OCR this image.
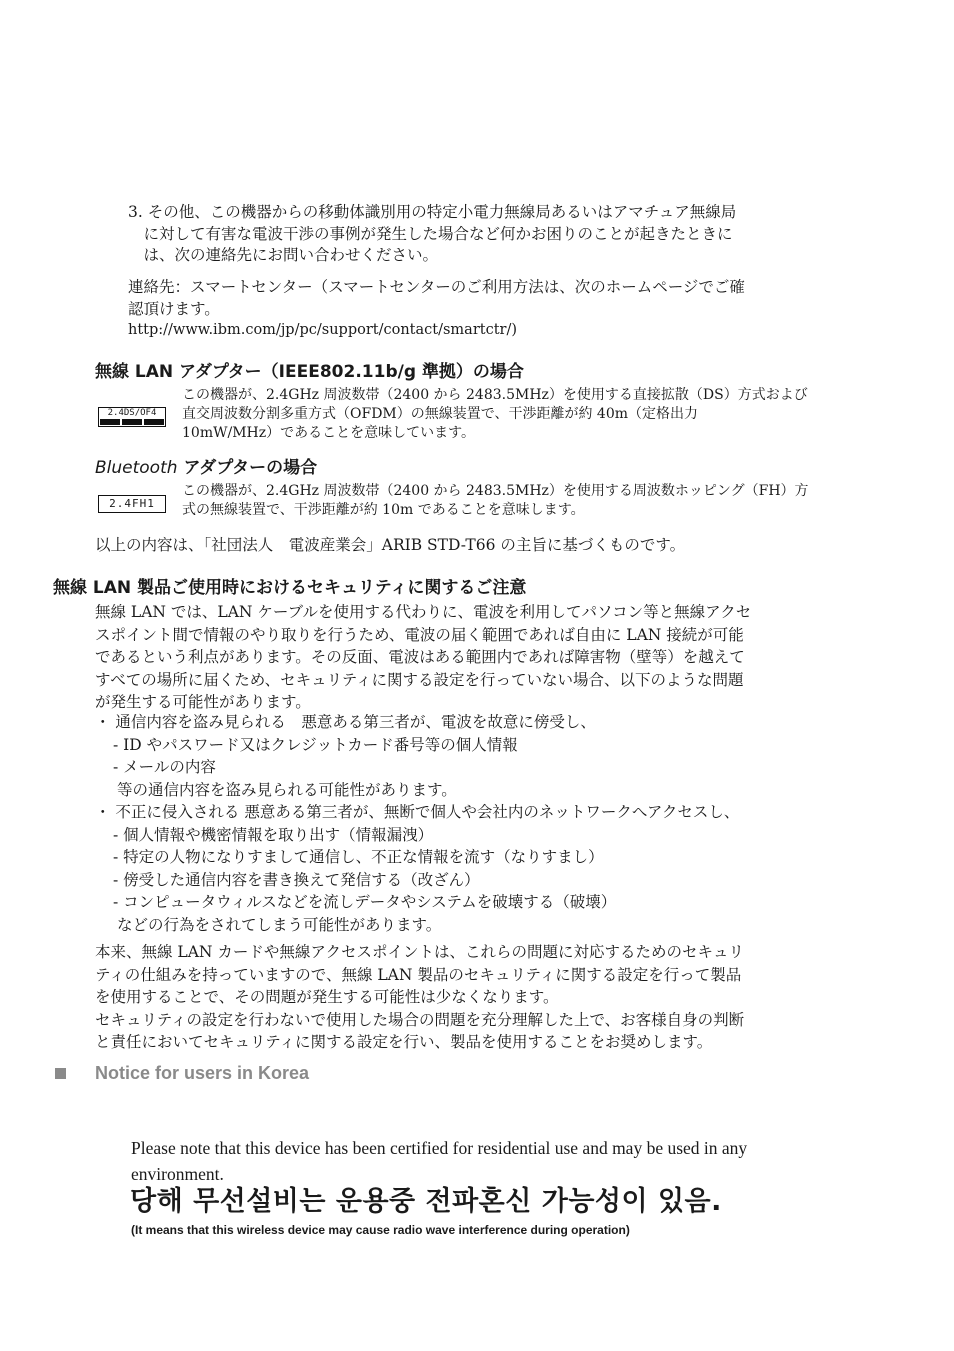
3. その他、この機器からの移動体識別用の特定小電力無線局あるいはアマチュア無線局
　に対して有害な電波干渉の事例が発生した場合など何かお困りのことが起きたときに
　は、次の連絡先にお問い合わせください。
連絡先：スマートセンター（スマートセンターのご利用方法は、次のホームページでご確
認頂けます。
http://www.ibm.com/jp/pc/support/contact/smartctr/)
無線 LAN アダプター（IEEE802.11b/g 準拠）の場合
2.4DS/OF4
この機器が、2.4GHz 周波数帯（2400 から 2483.5MHz）を使用する直接拡散（DS）方式および
直交周波数分割多重方式（OFDM）の無線装置で、干渉距離が約 40m（定格出力
10mW/MHz）であることを意味しています。
Bluetooth アダプターの場合
2.4FH1
この機器が、2.4GHz 周波数帯（2400 から 2483.5MHz）を使用する周波数ホッピング（FH）方
式の無線装置で、干渉距離が約 10m であることを意味します。
以上の内容は、「社団法人　電波産業会」ARIB STD-T66 の主旨に基づくものです。
無線 LAN 製品ご使用時におけるセキュリティに関するご注意
無線 LAN では、LAN ケーブルを使用する代わりに、電波を利用してパソコン等と無線アクセ
スポイント間で情報のやり取りを行うため、電波の届く範囲であれば自由に LAN 接続が可能
であるという利点があります。その反面、電波はある範囲内であれば障害物（壁等）を越えて
すべての場所に届くため、セキュリティに関する設定を行っていない場合、以下のような問題
が発生する可能性があります。
・ 通信内容を盗み見られる　悪意ある第三者が、電波を故意に傍受し、
- ID やパスワード又はクレジットカード番号等の個人情報
- メールの内容
等の通信内容を盗み見られる可能性があります。
・ 不正に侵入される 悪意ある第三者が、無断で個人や会社内のネットワークへアクセスし、
- 個人情報や機密情報を取り出す（情報漏洩）
- 特定の人物になりすまして通信し、不正な情報を流す（なりすまし）
- 傍受した通信内容を書き換えて発信する（改ざん）
- コンピュータウィルスなどを流しデータやシステムを破壊する（破壊）
などの行為をされてしまう可能性があります。
本来、無線 LAN カードや無線アクセスポイントは、これらの問題に対応するためのセキュリ
ティの仕組みを持っていますので、無線 LAN 製品のセキュリティに関する設定を行って製品
を使用することで、その問題が発生する可能性は少なくなります。
セキュリティの設定を行わないで使用した場合の問題を充分理解した上で、お客様自身の判断
と責任においてセキュリティに関する設定を行い、製品を使用することをお奨めします。
Notice for users in Korea
Please note that this device has been certified for residential use and may be used in any
environment.
당해 무선설비는 운용중 전파혼신 가능성이 있음.
(It means that this wireless device may cause radio wave interference during operation)
